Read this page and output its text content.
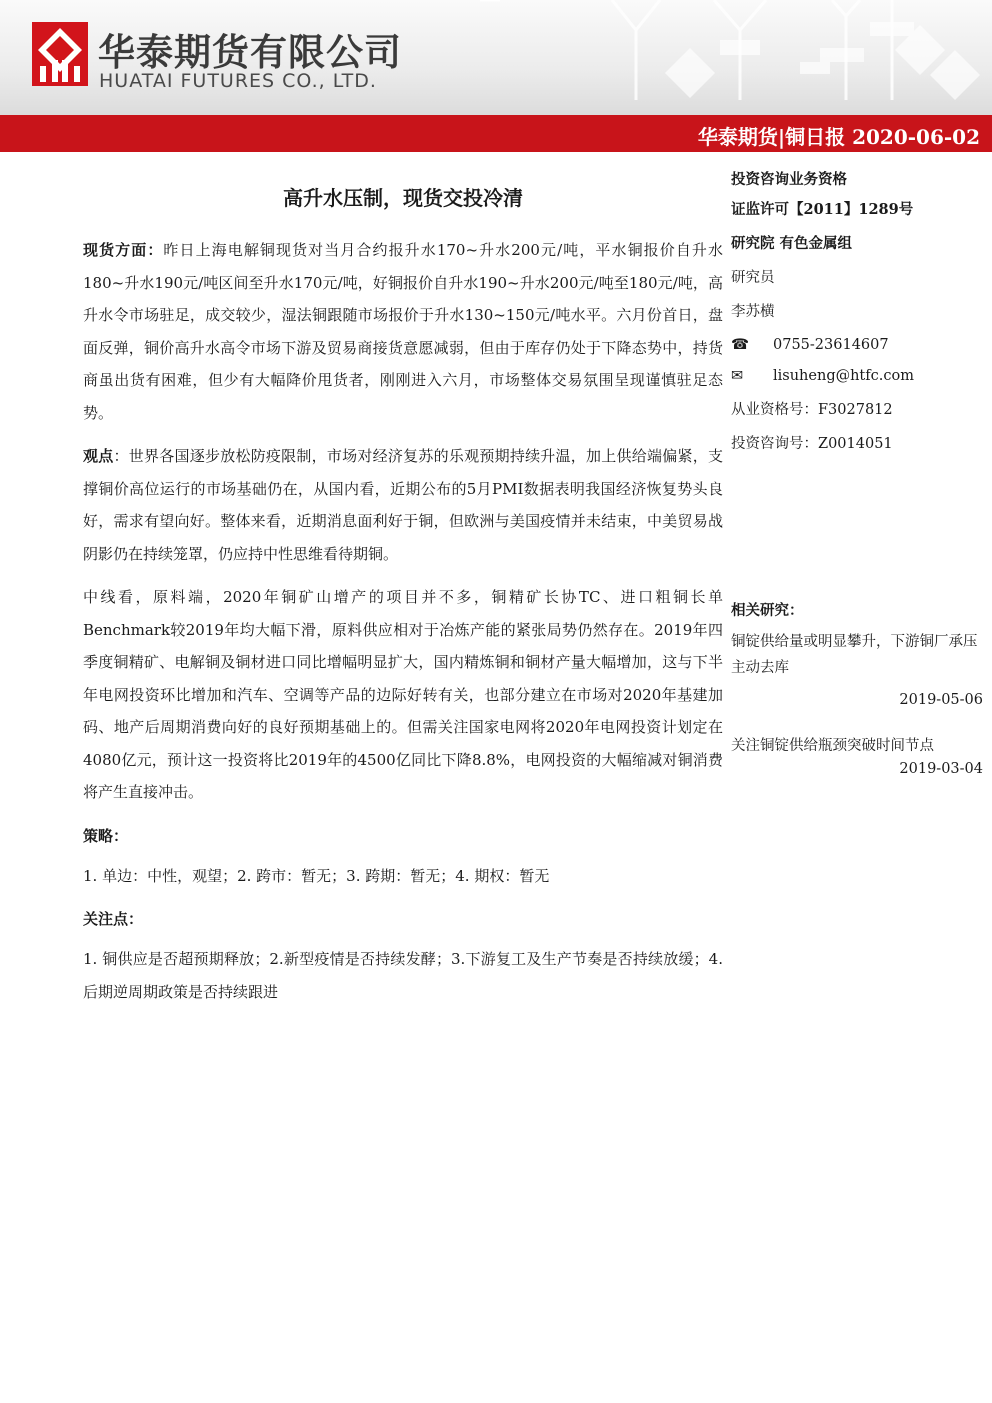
华泰期货有限公司
HUATAI FUTURES CO., LTD.
华泰期货|铜日报 2020-06-02
高升水压制，现货交投冷清

现货方面：昨日上海电解铜现货对当月合约报升水170~升水200元/吨，平水铜报价自升水180~升水190元/吨区间至升水170元/吨，好铜报价自升水190~升水200元/吨至180元/吨，高升水令市场驻足，成交较少，湿法铜跟随市场报价于升水130~150元/吨水平。六月份首日，盘面反弹，铜价高升水高令市场下游及贸易商接货意愿减弱，但由于库存仍处于下降态势中，持货商虽出货有困难，但少有大幅降价甩货者，刚刚进入六月，市场整体交易氛围呈现谨慎驻足态势。

观点：世界各国逐步放松防疫限制，市场对经济复苏的乐观预期持续升温，加上供给端偏紧，支撑铜价高位运行的市场基础仍在，从国内看，近期公布的5月PMI数据表明我国经济恢复势头良好，需求有望向好。整体来看，近期消息面利好于铜，但欧洲与美国疫情并未结束，中美贸易战阴影仍在持续笼罩，仍应持中性思维看待期铜。

中线看，原料端，2020年铜矿山增产的项目并不多，铜精矿长协TC、进口粗铜长单Benchmark较2019年均大幅下滑，原料供应相对于冶炼产能的紧张局势仍然存在。2019年四季度铜精矿、电解铜及铜材进口同比增幅明显扩大，国内精炼铜和铜材产量大幅增加，这与下半年电网投资环比增加和汽车、空调等产品的边际好转有关，也部分建立在市场对2020年基建加码、地产后周期消费向好的良好预期基础上的。但需关注国家电网将2020年电网投资计划定在4080亿元，预计这一投资将比2019年的4500亿同比下降8.8%，电网投资的大幅缩减对铜消费将产生直接冲击。

策略：

1. 单边：中性，观望；2. 跨市：暂无；3. 跨期：暂无；4. 期权：暂无

关注点：

1. 铜供应是否超预期释放；2.新型疫情是否持续发酵；3.下游复工及生产节奏是否持续放缓；4. 后期逆周期政策是否持续跟进

投资咨询业务资格
证监许可【2011】1289号
研究院 有色金属组
研究员
李苏横
☎ 0755-23614607
✉ lisuheng@htfc.com
从业资格号：F3027812
投资咨询号：Z0014051
相关研究：
铜锭供给量或明显攀升，下游铜厂承压主动去库
2019-05-06
关注铜锭供给瓶颈突破时间节点
2019-03-04
